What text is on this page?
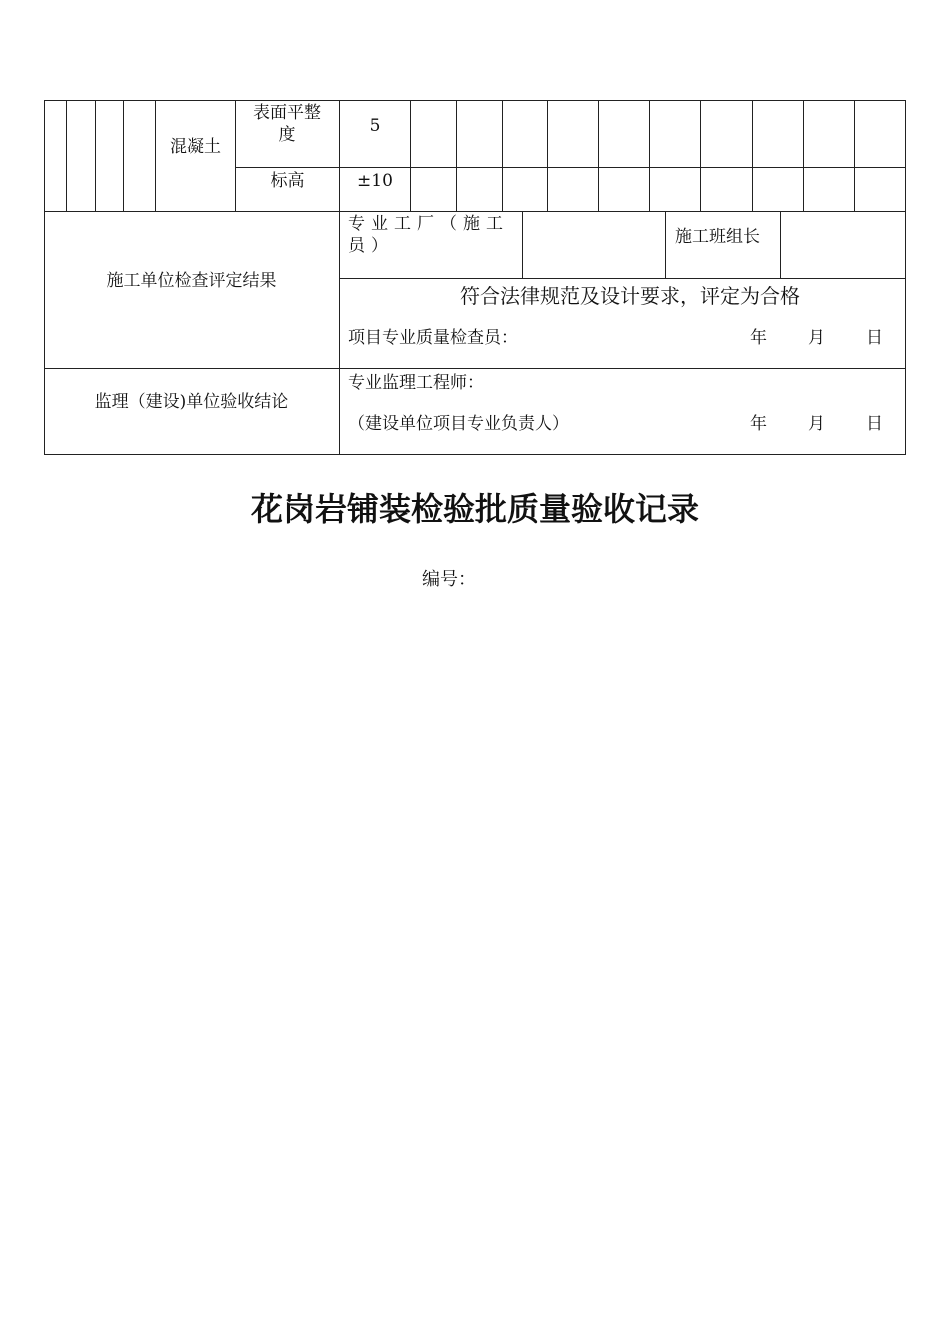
混凝土
表面平整度	5
标高	±10
施工单位检查评定结果
专业工厂（施工员）	施工班组长
符合法律规范及设计要求，评定为合格
项目专业质量检查员：	年 月 日
监理（建设)单位验收结论
专业监理工程师：
（建设单位项目专业负责人）	年 月 日
花岗岩铺装检验批质量验收记录
编号：
